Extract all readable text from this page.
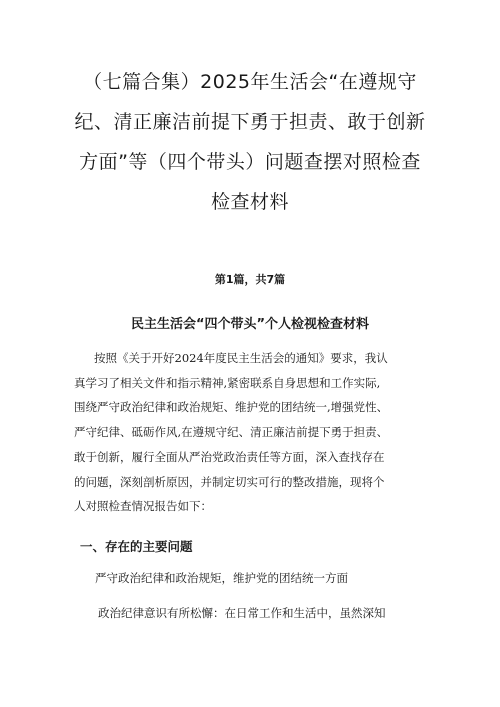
（七篇合集）2025年生活会“在遵规守
纪、清正廉洁前提下勇于担责、敢于创新
方面”等（四个带头）问题查摆对照检查
检查材料
第1篇，共7篇
民主生活会“四个带头”个人检视检查材料
按照《关于开好2024年度民主生活会的通知》要求，我认
真学习了相关文件和指示精神,紧密联系自身思想和工作实际,
围绕严守政治纪律和政治规矩、维护党的团结统一,增强党性、
严守纪律、砥砺作风,在遵规守纪、清正廉洁前提下勇于担责、
敢于创新，履行全面从严治党政治责任等方面，深入查找存在
的问题，深刻剖析原因，并制定切实可行的整改措施，现将个
人对照检查情况报告如下：
一、存在的主要问题
严守政治纪律和政治规矩，维护党的团结统一方面
政治纪律意识有所松懈：在日常工作和生活中，虽然深知
